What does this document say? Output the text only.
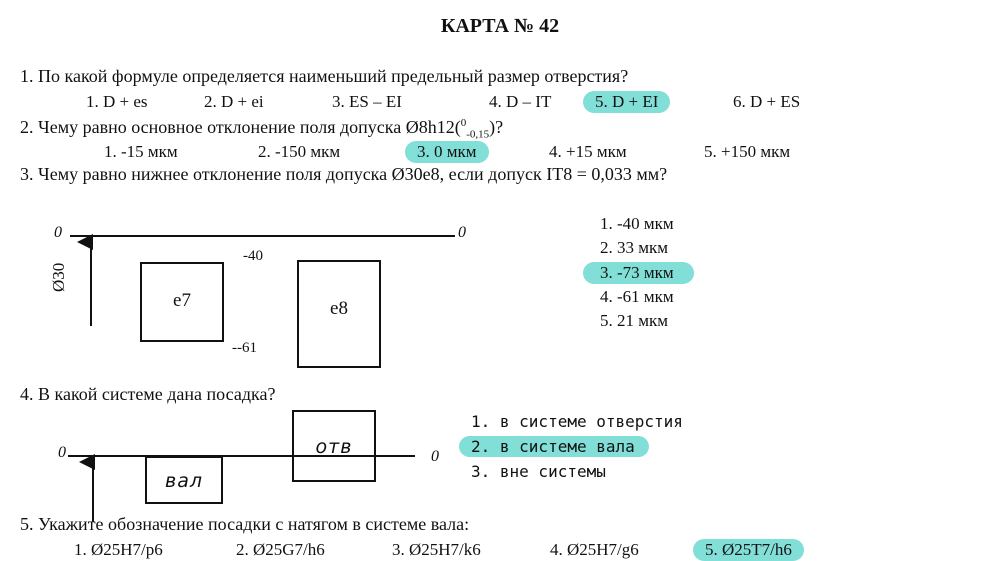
КАРТА № 42
1. По какой формуле определяется наименьший предельный размер отверстия?
1. D + es	2. D + ei	3. ES – EI	4. D – IT	5. D + EI	6. D + ES
2. Чему равно основное отклонение поля допуска Ø8h12($^0_{-0,15}$)?
1. -15 мкм	2. -150 мкм	3. 0 мкм	4. +15 мкм	5. +150 мкм
3. Чему равно нижнее отклонение поля допуска Ø30е8, если допуск IT8 = 0,033 мм?
0	0
Ø30
-40
--61
е7	е8
1. -40 мкм
2. 33 мкм
3. -73 мкм
4. -61 мкм
5. 21 мкм
4. В какой системе дана посадка?
0	0
отв
вал
1. в системе отверстия
2. в системе вала
3. вне системы
5. Укажите обозначение посадки с натягом в системе вала:
1. Ø25H7/p6	2. Ø25G7/h6	3. Ø25H7/k6	4. Ø25H7/g6	5. Ø25T7/h6
